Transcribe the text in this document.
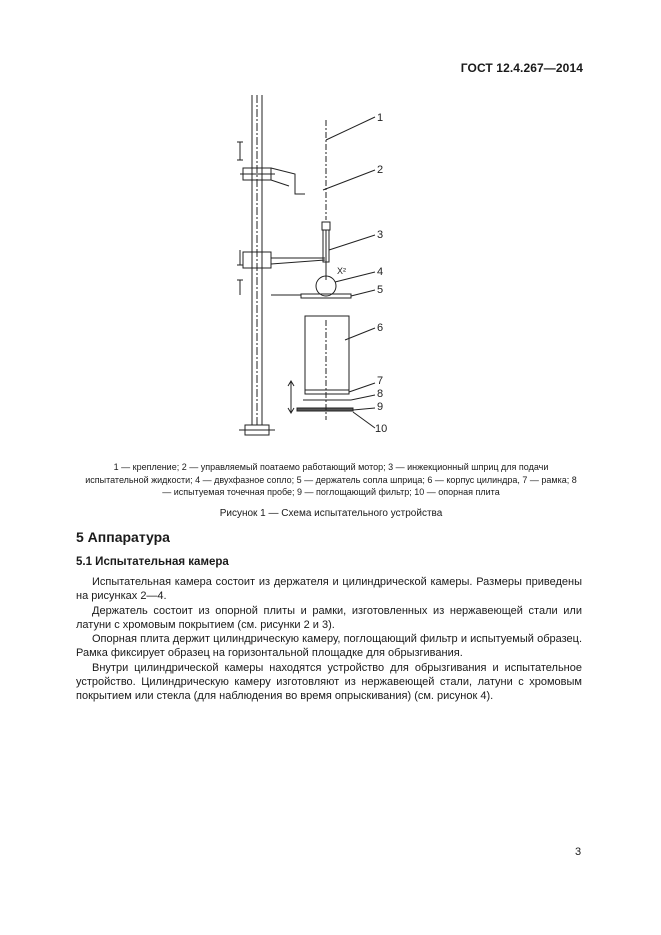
ГОСТ 12.4.267—2014
1
2
3
4
5
6
7
8
9
10
X²
1 — крепление; 2 — управляемый поатаемо работающий мотор; 3 — инжекционный шприц для подачи испытательной жидкости; 4 — двухфазное сопло; 5 — держатель сопла шприца; 6 — корпус цилиндра, 7 — рамка; 8 — испытуемая точечная пробе; 9 — поглощающий фильтр; 10 — опорная плита
Рисунок 1 — Схема испытательного устройства
5 Аппаратура
5.1 Испытательная камера

Испытательная камера состоит из держателя и цилиндрической камеры. Размеры приведены на рисунках 2—4.

Держатель состоит из опорной плиты и рамки, изготовленных из нержавеющей стали или латуни с хромовым покрытием (см. рисунки 2 и 3).

Опорная плита держит цилиндрическую камеру, поглощающий фильтр и испытуемый образец. Рамка фиксирует образец на горизонтальной площадке для обрызгивания.

Внутри цилиндрической камеры находятся устройство для обрызгивания и испытательное устройство. Цилиндрическую камеру изготовляют из нержавеющей стали, латуни с хромовым покрытием или стекла (для наблюдения во время опрыскивания) (см. рисунок 4).

3
